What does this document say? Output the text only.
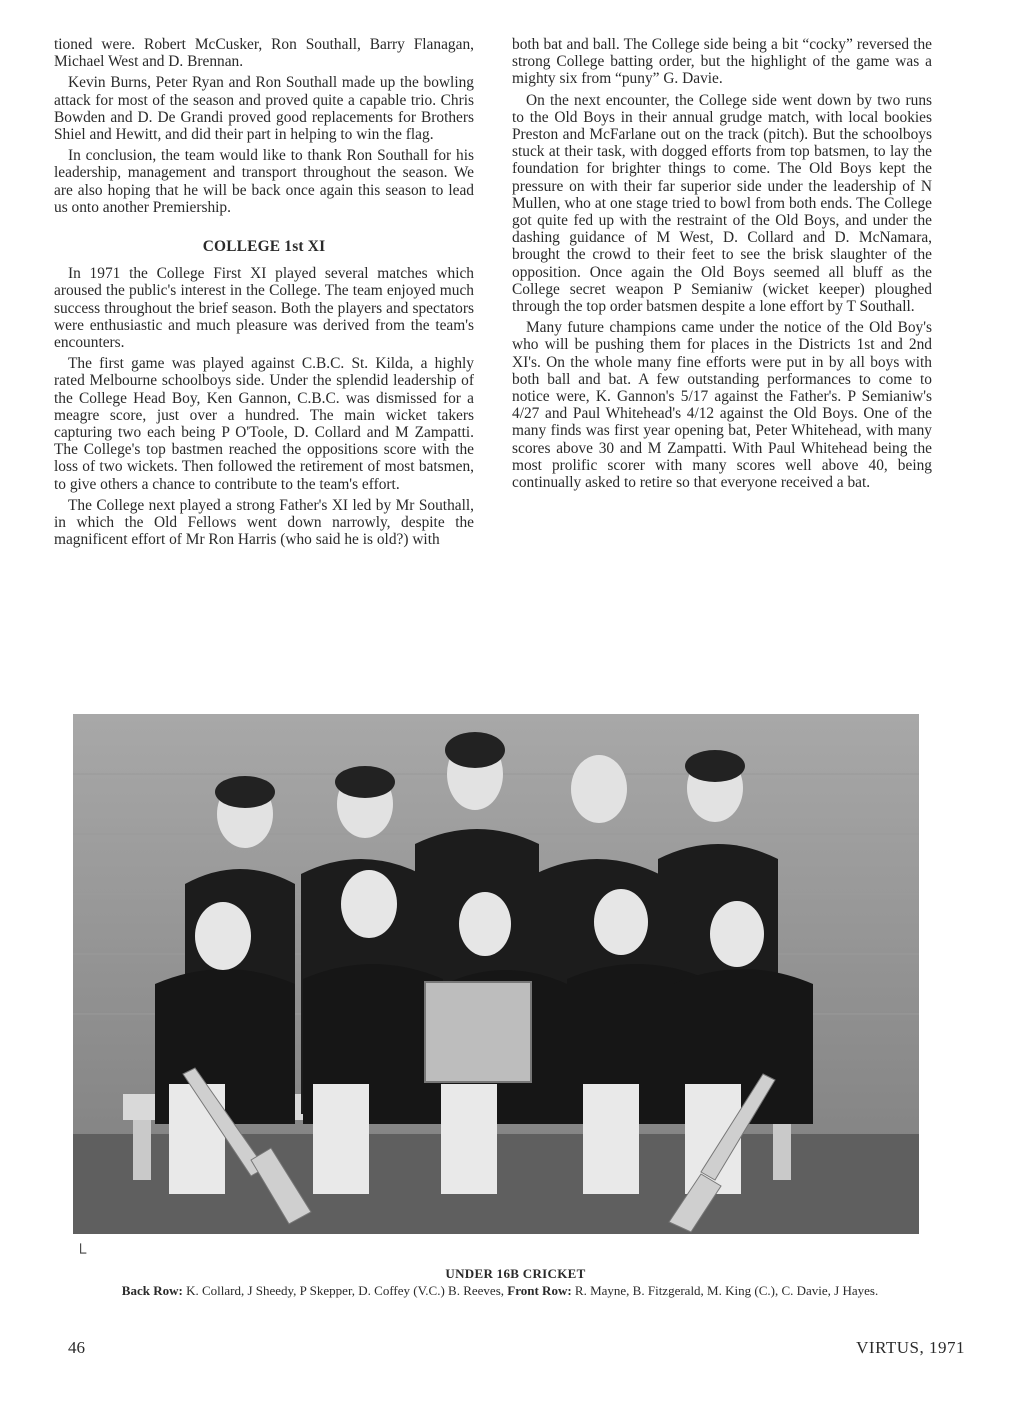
tioned were. Robert McCusker, Ron Southall, Barry Flanagan, Michael West and D. Brennan.

Kevin Burns, Peter Ryan and Ron Southall made up the bowling attack for most of the season and proved quite a capable trio. Chris Bowden and D. De Grandi proved good replacements for Brothers Shiel and Hewitt, and did their part in helping to win the flag.

In conclusion, the team would like to thank Ron Southall for his leadership, management and transport throughout the season. We are also hoping that he will be back once again this season to lead us onto another Premiership.

COLLEGE 1st XI

In 1971 the College First XI played several matches which aroused the public's interest in the College. The team enjoyed much success throughout the brief season. Both the players and spectators were enthusiastic and much pleasure was derived from the team's encounters.

The first game was played against C.B.C. St. Kilda, a highly rated Melbourne schoolboys side. Under the splendid leadership of the College Head Boy, Ken Gannon, C.B.C. was dismissed for a meagre score, just over a hundred. The main wicket takers capturing two each being P O'Toole, D. Collard and M Zampatti. The College's top bastmen reached the oppositions score with the loss of two wickets. Then followed the retirement of most batsmen, to give others a chance to contribute to the team's effort.

The College next played a strong Father's XI led by Mr Southall, in which the Old Fellows went down narrowly, despite the magnificent effort of Mr Ron Harris (who said he is old?) with

both bat and ball. The College side being a bit “cocky” reversed the strong College batting order, but the highlight of the game was a mighty six from “puny” G. Davie.

On the next encounter, the College side went down by two runs to the Old Boys in their annual grudge match, with local bookies Preston and McFarlane out on the track (pitch). But the schoolboys stuck at their task, with dogged efforts from top batsmen, to lay the foundation for brighter things to come. The Old Boys kept the pressure on with their far superior side under the leadership of N Mullen, who at one stage tried to bowl from both ends. The College got quite fed up with the restraint of the Old Boys, and under the dashing guidance of M West, D. Collard and D. McNamara, brought the crowd to their feet to see the brisk slaughter of the opposition. Once again the Old Boys seemed all bluff as the College secret weapon P Semianiw (wicket keeper) ploughed through the top order batsmen despite a lone effort by T Southall.

Many future champions came under the notice of the Old Boy's who will be pushing them for places in the Districts 1st and 2nd XI's. On the whole many fine efforts were put in by all boys with both ball and bat. A few outstanding performances to come to notice were, K. Gannon's 5/17 against the Father's. P Semianiw's 4/27 and Paul Whitehead's 4/12 against the Old Boys. One of the many finds was first year opening bat, Peter Whitehead, with many scores above 30 and M Zampatti. With Paul Whitehead being the most prolific scorer with many scores well above 40, being continually asked to retire so that everyone received a bat.

└
UNDER 16B CRICKET
Back Row: K. Collard, J Sheedy, P Skepper, D. Coffey (V.C.) B. Reeves, Front Row: R. Mayne, B. Fitzgerald, M. King (C.), C. Davie, J Hayes.
46	VIRTUS, 1971
